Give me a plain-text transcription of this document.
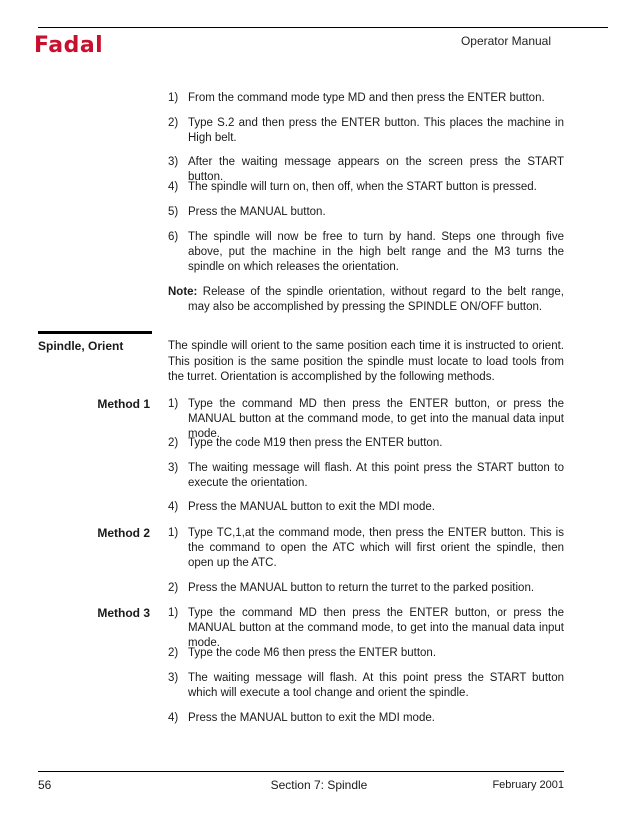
Fadal	Operator Manual
1) From the command mode type MD and then press the ENTER button.
2) Type S.2 and then press the ENTER button. This places the machine in High belt.
3) After the waiting message appears on the screen press the START button.
4) The spindle will turn on, then off, when the START button is pressed.
5) Press the MANUAL button.
6) The spindle will now be free to turn by hand. Steps one through five above, put the machine in the high belt range and the M3 turns the spindle on which releases the orientation.
Note: Release of the spindle orientation, without regard to the belt range, may also be accomplished by pressing the SPINDLE ON/OFF button.
Spindle, Orient	The spindle will orient to the same position each time it is instructed to orient. This position is the same position the spindle must locate to load tools from the turret. Orientation is accomplished by the following methods.
Method 1 1) Type the command MD then press the ENTER button, or press the MANUAL button at the command mode, to get into the manual data input mode.
2) Type the code M19 then press the ENTER button.
3) The waiting message will flash. At this point press the START button to execute the orientation.
4) Press the MANUAL button to exit the MDI mode.
Method 2 1) Type TC,1,at the command mode, then press the ENTER button. This is the command to open the ATC which will first orient the spindle, then open up the ATC.
2) Press the MANUAL button to return the turret to the parked position.
Method 3 1) Type the command MD then press the ENTER button, or press the MANUAL button at the command mode, to get into the manual data input mode.
2) Type the code M6 then press the ENTER button.
3) The waiting message will flash. At this point press the START button which will execute a tool change and orient the spindle.
4) Press the MANUAL button to exit the MDI mode.
56	Section 7: Spindle	February 2001
